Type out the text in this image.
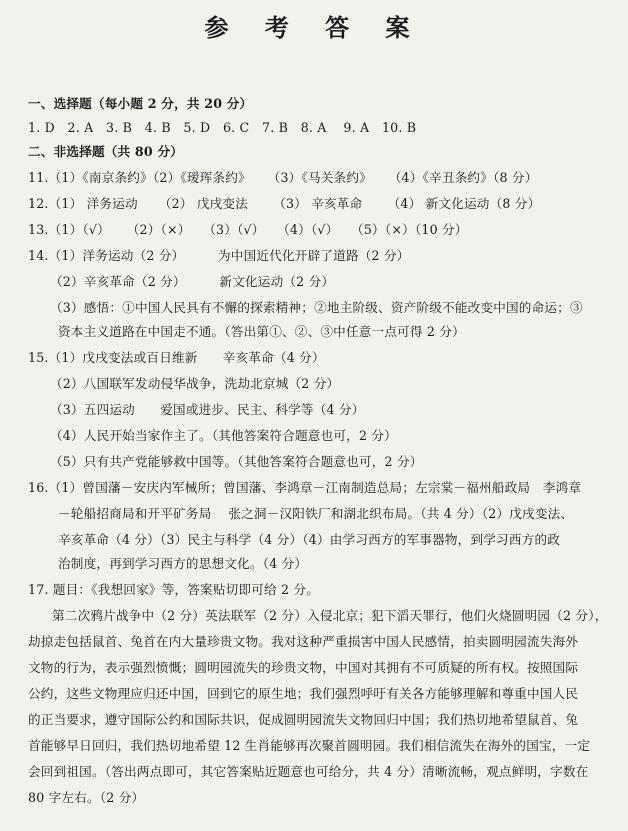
参 考 答 案
一、选择题（每小题 2 分，共 20 分）
1. D   2. A   3. B   4. B   5. D   6. C   7. B   8. A    9. A   10. B
二、非选择题（共 80 分）
11.（1）《南京条约》（2）《瑷珲条约》    （3）《马关条约》    （4）《辛丑条约》（8 分）
12.（1） 洋务运动     （2） 戊戌变法      （3） 辛亥革命      （4） 新文化运动（8 分）
13.（1）（√）    （2）（×）   （3）（√）   （4）（√）   （5）（×）（10 分）
14.（1）洋务运动（2 分）        为中国近代化开辟了道路（2 分）
（2）辛亥革命（2 分）        新文化运动（2 分）
（3）感悟：①中国人民具有不懈的探索精神；②地主阶级、资产阶级不能改变中国的命运；③
资本主义道路在中国走不通。（答出第①、②、③中任意一点可得 2 分）
15.（1）戊戌变法或百日维新      辛亥革命（4 分）
（2）八国联军发动侵华战争，洗劫北京城（2 分）
（3）五四运动      爱国或进步、民主、科学等（4 分）
（4）人民开始当家作主了。（其他答案符合题意也可，2 分）
（5）只有共产党能够救中国等。（其他答案符合题意也可，2 分）
16.（1）曾国藩－安庆内军械所；曾国藩、李鸿章－江南制造总局；左宗棠－福州船政局   李鸿章
－轮船招商局和开平矿务局    张之洞－汉阳铁厂和湖北织布局。（共 4 分）（2）戊戌变法、
辛亥革命（4 分）（3）民主与科学（4 分）（4）由学习西方的军事器物，到学习西方的政
治制度，再到学习西方的思想文化。（4 分）
17. 题目：《我想回家》等，答案贴切即可给 2 分。
第二次鸦片战争中（2 分）英法联军（2 分）入侵北京；犯下滔天罪行，他们火烧圆明园（2 分），
劫掠走包括鼠首、兔首在内大量珍贵文物。我对这种严重损害中国人民感情，拍卖圆明园流失海外
文物的行为，表示强烈愤慨；圆明园流失的珍贵文物，中国对其拥有不可质疑的所有权。按照国际
公约，这些文物理应归还中国，回到它的原生地；我们强烈呼吁有关各方能够理解和尊重中国人民
的正当要求，遵守国际公约和国际共识，促成圆明园流失文物回归中国；我们热切地希望鼠首、兔
首能够早日回归，我们热切地希望 12 生肖能够再次聚首圆明园。我们相信流失在海外的国宝，一定
会回到祖国。（答出两点即可，其它答案贴近题意也可给分，共 4 分）清晰流畅，观点鲜明，字数在
80 字左右。（2 分）
